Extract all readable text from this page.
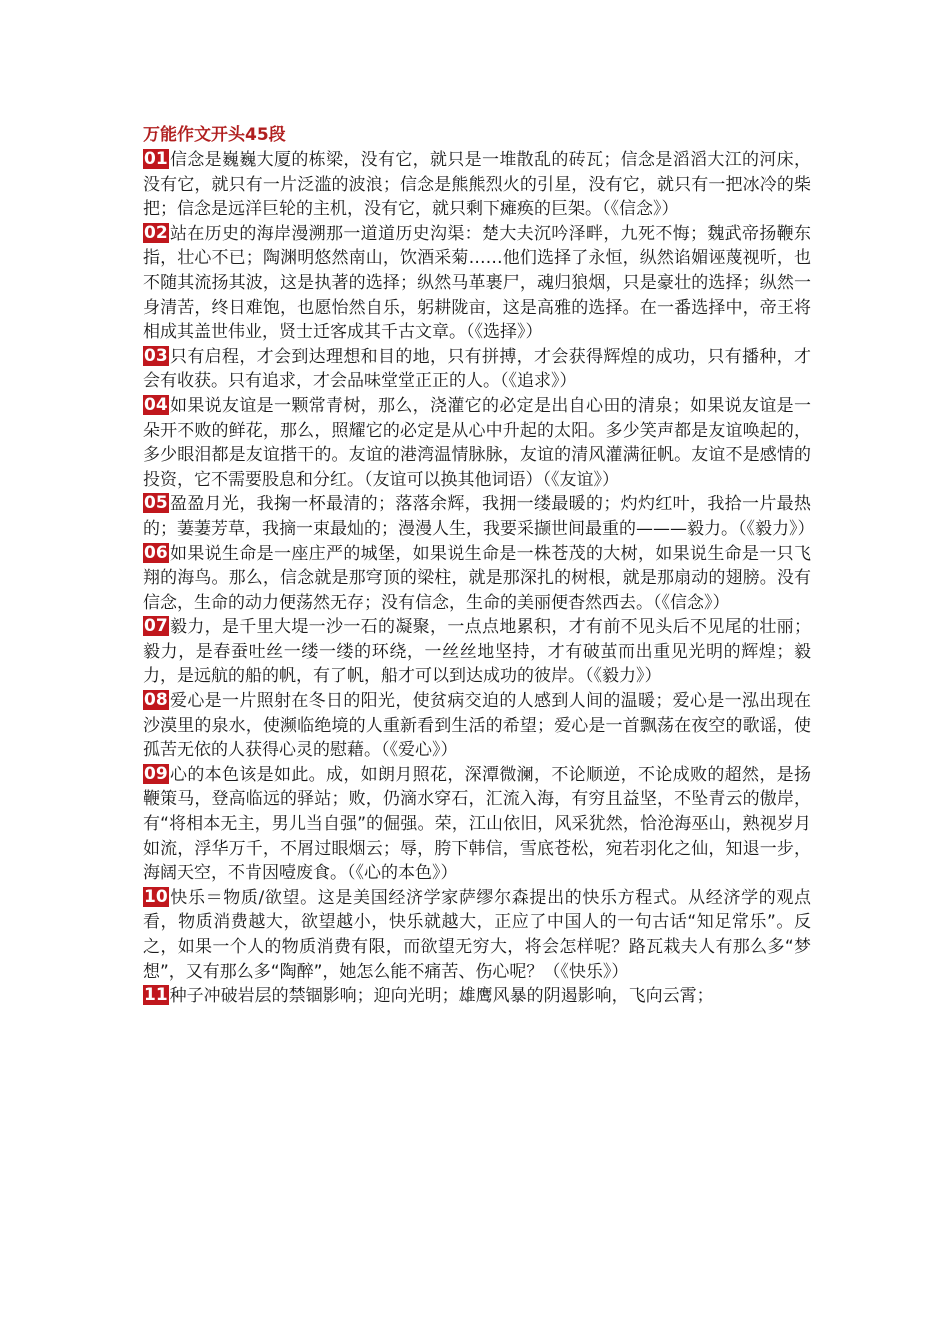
万能作文开头45段

01 信念是巍巍大厦的栋梁，没有它，就只是一堆散乱的砖瓦；信念是滔滔大江的河床，没有它，就只有一片泛滥的波浪；信念是熊熊烈火的引星，没有它，就只有一把冰冷的柴把；信念是远洋巨轮的主机，没有它，就只剩下瘫痪的巨架。（《信念》）

02 站在历史的海岸漫溯那一道道历史沟渠：楚大夫沉吟泽畔，九死不悔；魏武帝扬鞭东指，壮心不已；陶渊明悠然南山，饮酒采菊……他们选择了永恒，纵然谄媚诬蔑视听，也不随其流扬其波，这是执著的选择；纵然马革裹尸，魂归狼烟，只是豪壮的选择；纵然一身清苦，终日难饱，也愿怡然自乐，躬耕陇亩，这是高雅的选择。在一番选择中，帝王将相成其盖世伟业，贤士迁客成其千古文章。（《选择》）

03 只有启程，才会到达理想和目的地，只有拼搏，才会获得辉煌的成功，只有播种，才会有收获。只有追求，才会品味堂堂正正的人。（《追求》）

04 如果说友谊是一颗常青树，那么，浇灌它的必定是出自心田的清泉；如果说友谊是一朵开不败的鲜花，那么，照耀它的必定是从心中升起的太阳。多少笑声都是友谊唤起的，多少眼泪都是友谊揩干的。友谊的港湾温情脉脉，友谊的清风灌满征帆。友谊不是感情的投资，它不需要股息和分红。（友谊可以换其他词语）（《友谊》）

05 盈盈月光，我掬一杯最清的；落落余辉，我拥一缕最暖的；灼灼红叶，我拾一片最热的；萋萋芳草，我摘一束最灿的；漫漫人生，我要采撷世间最重的———毅力。（《毅力》）

06 如果说生命是一座庄严的城堡，如果说生命是一株苍茂的大树，如果说生命是一只飞翔的海鸟。那么，信念就是那穹顶的梁柱，就是那深扎的树根，就是那扇动的翅膀。没有信念，生命的动力便荡然无存；没有信念，生命的美丽便杳然西去。（《信念》）

07 毅力，是千里大堤一沙一石的凝聚，一点点地累积，才有前不见头后不见尾的壮丽；毅力，是春蚕吐丝一缕一缕的环绕，一丝丝地坚持，才有破茧而出重见光明的辉煌；毅力，是远航的船的帆，有了帆，船才可以到达成功的彼岸。（《毅力》）

08 爱心是一片照射在冬日的阳光，使贫病交迫的人感到人间的温暖；爱心是一泓出现在沙漠里的泉水，使濒临绝境的人重新看到生活的希望；爱心是一首飘荡在夜空的歌谣，使孤苦无依的人获得心灵的慰藉。（《爱心》）

09 心的本色该是如此。成，如朗月照花，深潭微澜，不论顺逆，不论成败的超然，是扬鞭策马，登高临远的驿站；败，仍滴水穿石，汇流入海，有穷且益坚，不坠青云的傲岸，有“将相本无主，男儿当自强”的倔强。荣，江山依旧，风采犹然，恰沧海巫山，熟视岁月如流，浮华万千，不屑过眼烟云；辱，胯下韩信，雪底苍松，宛若羽化之仙，知退一步，海阔天空，不肯因噎废食。（《心的本色》）

10 快乐＝物质/欲望。这是美国经济学家萨缪尔森提出的快乐方程式。从经济学的观点看，物质消费越大，欲望越小，快乐就越大，正应了中国人的一句古话“知足常乐”。反之，如果一个人的物质消费有限，而欲望无穷大，将会怎样呢？路瓦栽夫人有那么多“梦想”，又有那么多“陶醉”，她怎么能不痛苦、伤心呢？（《快乐》）

11 种子冲破岩层的禁锢影响；迎向光明；雄鹰风暴的阴遏影响，飞向云霄；
